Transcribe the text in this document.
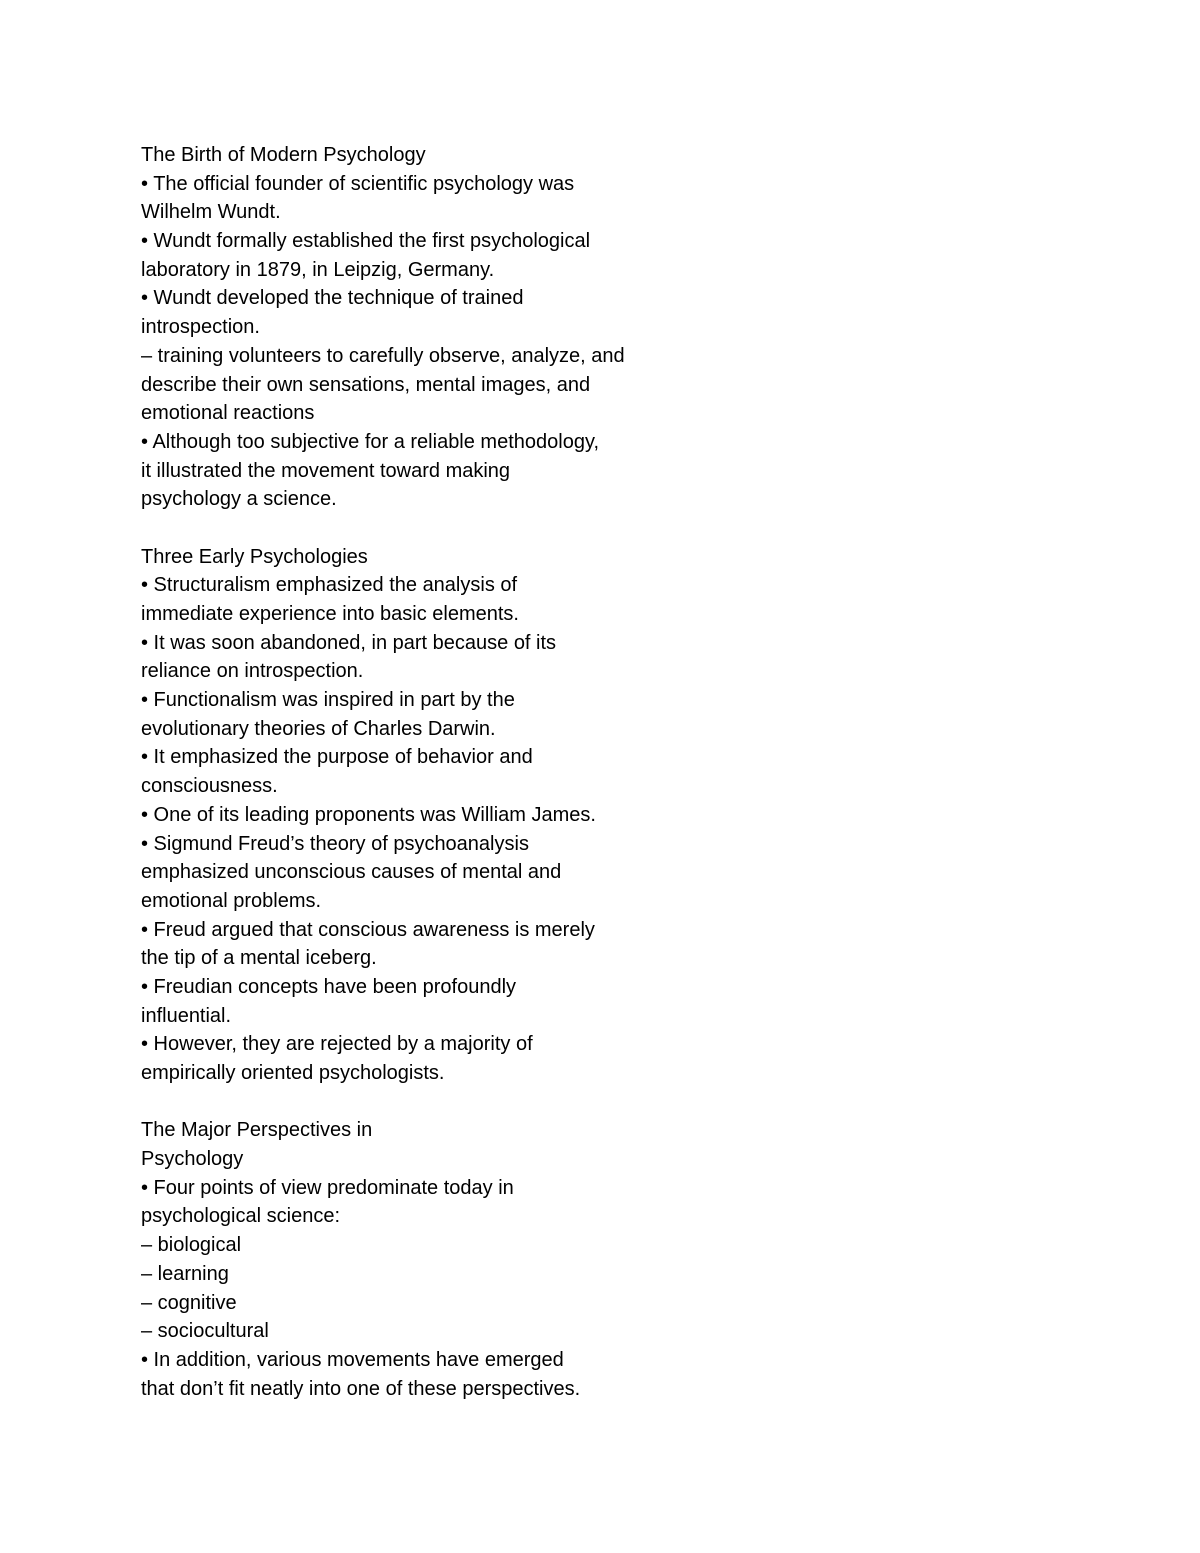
The Birth of Modern Psychology
• The official founder of scientific psychology was
Wilhelm Wundt.
• Wundt formally established the first psychological
laboratory in 1879, in Leipzig, Germany.
• Wundt developed the technique of trained
introspection.
– training volunteers to carefully observe, analyze, and
describe their own sensations, mental images, and
emotional reactions
• Although too subjective for a reliable methodology,
it illustrated the movement toward making
psychology a science.
Three Early Psychologies
• Structuralism emphasized the analysis of
immediate experience into basic elements.
• It was soon abandoned, in part because of its
reliance on introspection.
• Functionalism was inspired in part by the
evolutionary theories of Charles Darwin.
• It emphasized the purpose of behavior and
consciousness.
• One of its leading proponents was William James.
• Sigmund Freud’s theory of psychoanalysis
emphasized unconscious causes of mental and
emotional problems.
• Freud argued that conscious awareness is merely
the tip of a mental iceberg.
• Freudian concepts have been profoundly
influential.
• However, they are rejected by a majority of
empirically oriented psychologists.
The Major Perspectives in
Psychology
• Four points of view predominate today in
psychological science:
– biological
– learning
– cognitive
– sociocultural
• In addition, various movements have emerged
that don’t fit neatly into one of these perspectives.
